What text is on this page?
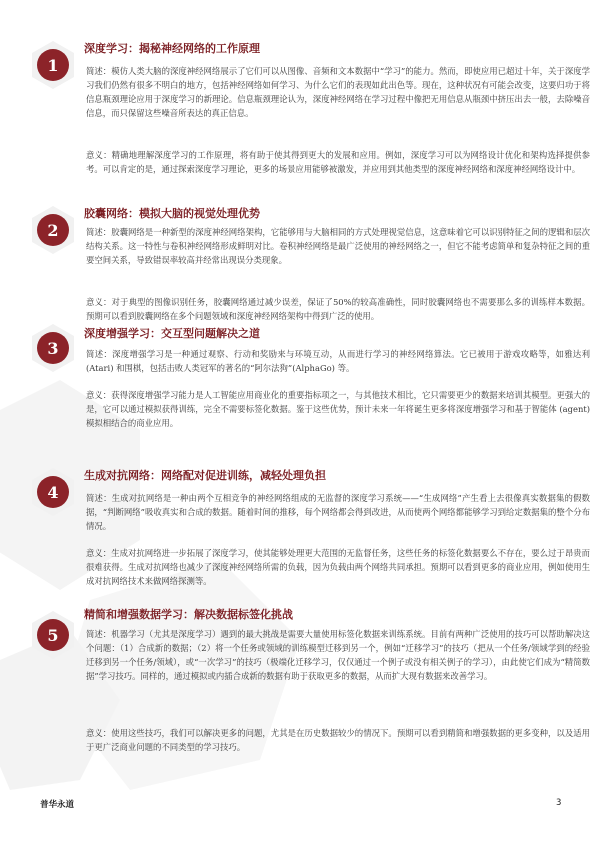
1
深度学习：揭秘神经网络的工作原理

简述：模仿人类大脑的深度神经网络展示了它们可以从图像、音频和文本数据中“学习”的能力。然而，即使应用已超过十年，关于深度学习我们仍然有很多不明白的地方，包括神经网络如何学习、为什么它们的表现如此出色等。现在，这种状况有可能会改变，这要归功于将信息瓶颈理论应用于深度学习的新理论。信息瓶颈理论认为，深度神经网络在学习过程中像把无用信息从瓶颈中挤压出去一般，去除噪音信息，而只保留这些噪音所表达的真正信息。

意义：精确地理解深度学习的工作原理，将有助于使其得到更大的发展和应用。例如，深度学习可以为网络设计优化和架构选择提供参考。可以肯定的是，通过探索深度学习理论，更多的场景应用能够被激发，并应用到其他类型的深度神经网络和深度神经网络设计中。

2
胶囊网络：模拟大脑的视觉处理优势

简述：胶囊网络是一种新型的深度神经网络架构，它能够用与大脑相同的方式处理视觉信息，这意味着它可以识别特征之间的逻辑和层次结构关系。这一特性与卷积神经网络形成鲜明对比。卷积神经网络是最广泛使用的神经网络之一，但它不能考虑简单和复杂特征之间的重要空间关系，导致错误率较高并经常出现误分类现象。

意义：对于典型的图像识别任务，胶囊网络通过减少误差，保证了50%的较高准确性，同时胶囊网络也不需要那么多的训练样本数据。预期可以看到胶囊网络在多个问题领域和深度神经网络架构中得到广泛的使用。

3
深度增强学习：交互型问题解决之道

简述：深度增强学习是一种通过观察、行动和奖励来与环境互动，从而进行学习的神经网络算法。它已被用于游戏攻略等，如雅达利 (Atari) 和围棋，包括击败人类冠军的著名的“阿尔法狗”(AlphaGo) 等。

意义：获得深度增强学习能力是人工智能应用商业化的重要指标项之一，与其他技术相比，它只需要更少的数据来培训其模型。更强大的是，它可以通过模拟获得训练，完全不需要标签化数据。鉴于这些优势，预计未来一年将诞生更多将深度增强学习和基于智能体 (agent) 模拟相结合的商业应用。

4
生成对抗网络：网络配对促进训练，减轻处理负担

简述：生成对抗网络是一种由两个互相竞争的神经网络组成的无监督的深度学习系统——“生成网络”产生看上去很像真实数据集的假数据，“判断网络”吸收真实和合成的数据。随着时间的推移，每个网络都会得到改进，从而使两个网络都能够学习到给定数据集的整个分布情况。

意义：生成对抗网络进一步拓展了深度学习，使其能够处理更大范围的无监督任务，这些任务的标签化数据要么不存在，要么过于昂贵而很难获得。生成对抗网络也减少了深度神经网络所需的负载，因为负载由两个网络共同承担。预期可以看到更多的商业应用，例如使用生成对抗网络技术来做网络探测等。

5
精简和增强数据学习：解决数据标签化挑战

简述：机器学习（尤其是深度学习）遇到的最大挑战是需要大量使用标签化数据来训练系统。目前有两种广泛使用的技巧可以帮助解决这个问题：（1）合成新的数据；（2）将一个任务或领域的训练模型迁移到另一个，例如“迁移学习”的技巧（把从一个任务/领域学到的经验迁移到另一个任务/领域），或“一次学习”的技巧（极端化迁移学习，仅仅通过一个例子或没有相关例子的学习），由此使它们成为“精简数据”学习技巧。同样的，通过模拟或内插合成新的数据有助于获取更多的数据，从而扩大现有数据来改善学习。

意义：使用这些技巧，我们可以解决更多的问题，尤其是在历史数据较少的情况下。预期可以看到精简和增强数据的更多变种，以及适用于更广泛商业问题的不同类型的学习技巧。

普华永道	3
